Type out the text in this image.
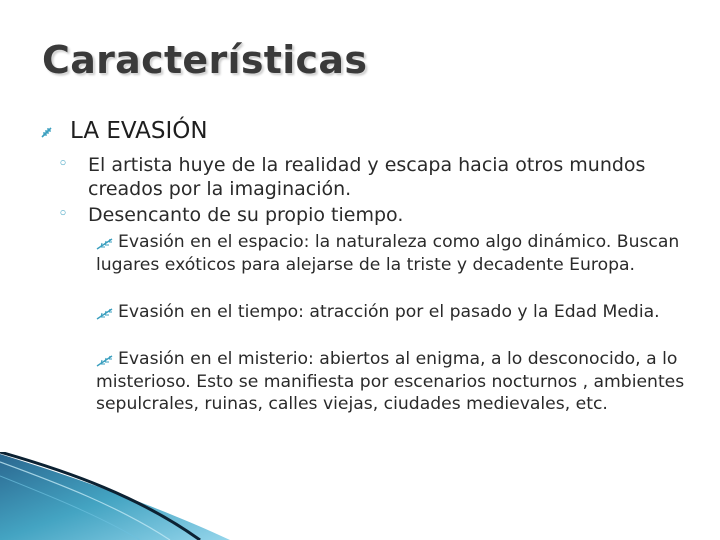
Características
LA EVASIÓN
◦	El artista huye de la realidad y escapa hacia otros mundos creados por la imaginación.
◦	Desencanto de su propio tiempo.
Evasión en el espacio: la naturaleza como algo dinámico. Buscan lugares exóticos para alejarse de la triste y decadente Europa.
Evasión en el tiempo: atracción por el pasado y la Edad Media.
Evasión en el misterio: abiertos al enigma, a lo desconocido, a lo misterioso. Esto se manifiesta por escenarios nocturnos , ambientes sepulcrales, ruinas, calles viejas, ciudades medievales, etc.
